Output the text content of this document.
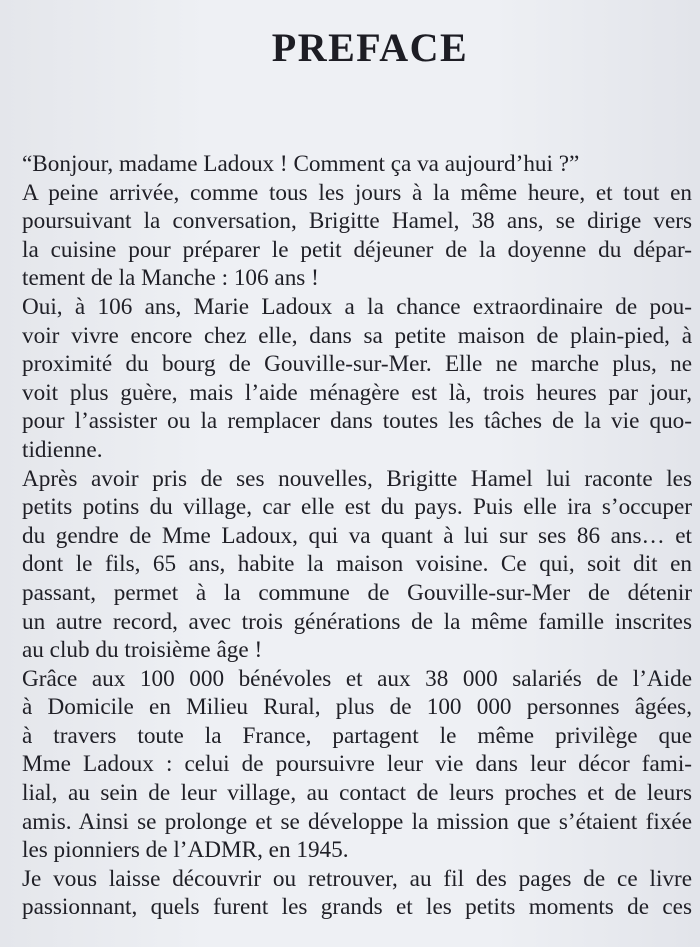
PREFACE
“Bonjour, madame Ladoux ! Comment ça va aujourd’hui ?”
A peine arrivée, comme tous les jours à la même heure, et tout en
poursuivant la conversation, Brigitte Hamel, 38 ans, se dirige vers
la cuisine pour préparer le petit déjeuner de la doyenne du dépar-
tement de la Manche : 106 ans !
Oui, à 106 ans, Marie Ladoux a la chance extraordinaire de pou-
voir vivre encore chez elle, dans sa petite maison de plain-pied, à
proximité du bourg de Gouville-sur-Mer. Elle ne marche plus, ne
voit plus guère, mais l’aide ménagère est là, trois heures par jour,
pour l’assister ou la remplacer dans toutes les tâches de la vie quo-
tidienne.
Après avoir pris de ses nouvelles, Brigitte Hamel lui raconte les
petits potins du village, car elle est du pays. Puis elle ira s’occuper
du gendre de Mme Ladoux, qui va quant à lui sur ses 86 ans… et
dont le fils, 65 ans, habite la maison voisine. Ce qui, soit dit en
passant, permet à la commune de Gouville-sur-Mer de détenir
un autre record, avec trois générations de la même famille inscrites
au club du troisième âge !
Grâce aux 100 000 bénévoles et aux 38 000 salariés de l’Aide
à Domicile en Milieu Rural, plus de 100 000 personnes âgées,
à travers toute la France, partagent le même privilège que
Mme Ladoux : celui de poursuivre leur vie dans leur décor fami-
lial, au sein de leur village, au contact de leurs proches et de leurs
amis. Ainsi se prolonge et se développe la mission que s’étaient fixée
les pionniers de l’ADMR, en 1945.
Je vous laisse découvrir ou retrouver, au fil des pages de ce livre
passionnant, quels furent les grands et les petits moments de ces
